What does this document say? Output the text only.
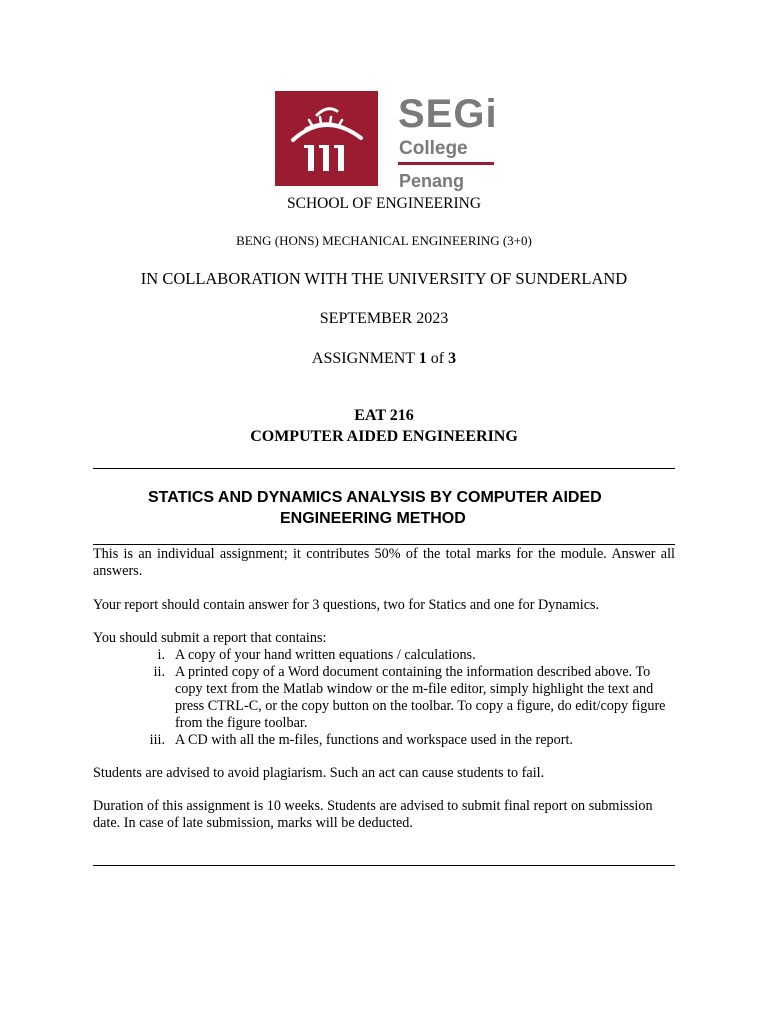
SEGi
College
Penang
SCHOOL OF ENGINEERING
BENG (HONS) MECHANICAL ENGINEERING (3+0)
IN COLLABORATION WITH THE UNIVERSITY OF SUNDERLAND
SEPTEMBER 2023
ASSIGNMENT 1 of 3
EAT 216
COMPUTER AIDED ENGINEERING
STATICS AND DYNAMICS ANALYSIS BY COMPUTER AIDED
ENGINEERING METHOD
This is an individual assignment; it contributes 50% of the total marks for the module. Answer all answers.
Your report should contain answer for 3 questions, two for Statics and one for Dynamics.
You should submit a report that contains:
i. A copy of your hand written equations / calculations.
ii. A printed copy of a Word document containing the information described above. To copy text from the Matlab window or the m-file editor, simply highlight the text and press CTRL-C, or the copy button on the toolbar. To copy a figure, do edit/copy figure from the figure toolbar.
iii. A CD with all the m-files, functions and workspace used in the report.
Students are advised to avoid plagiarism. Such an act can cause students to fail.
Duration of this assignment is 10 weeks. Students are advised to submit final report on submission date. In case of late submission, marks will be deducted.
